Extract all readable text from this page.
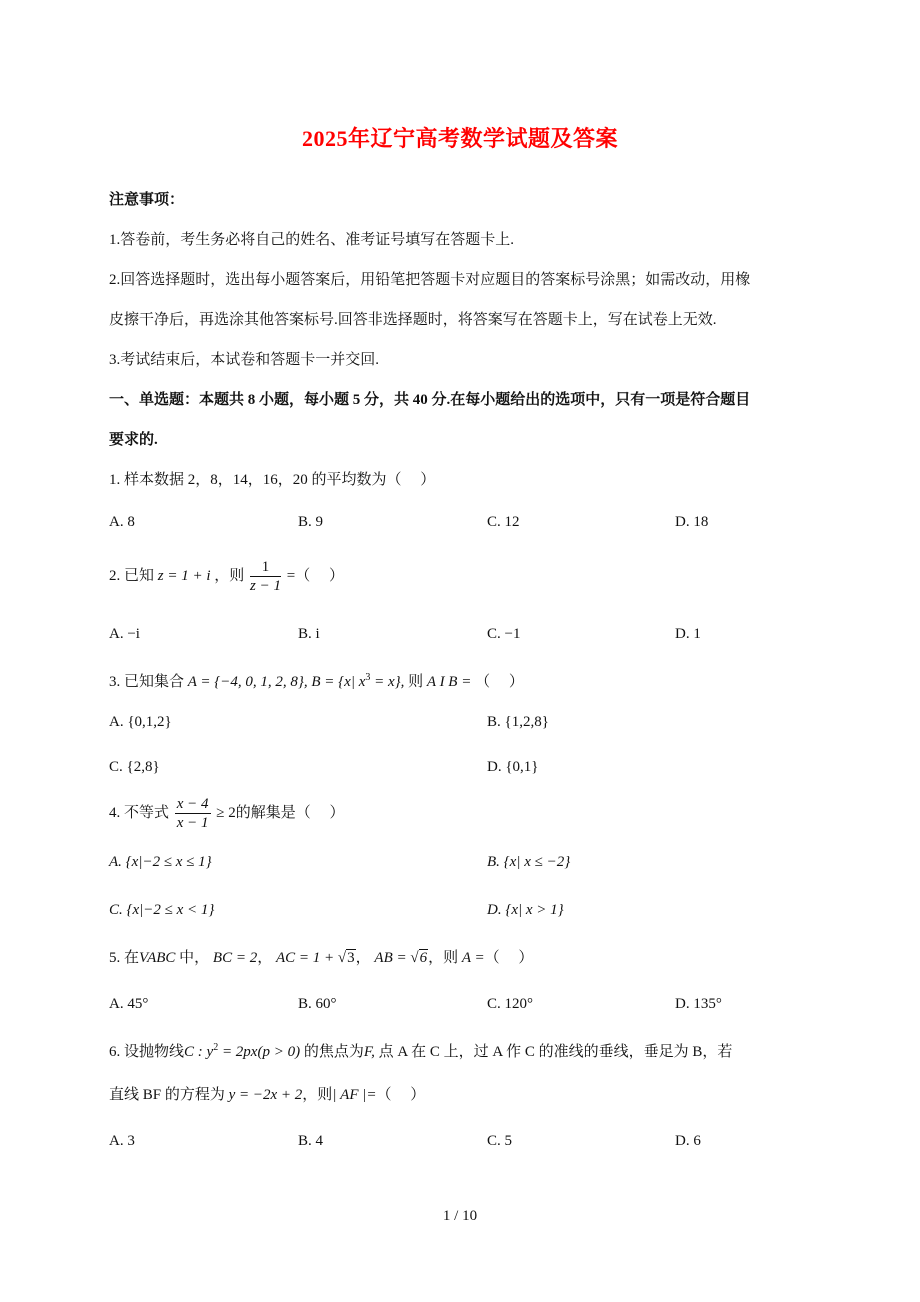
2025年辽宁高考数学试题及答案
注意事项：
1.答卷前，考生务必将自己的姓名、准考证号填写在答题卡上.
2.回答选择题时，选出每小题答案后，用铅笔把答题卡对应题目的答案标号涂黑；如需改动，用橡
皮擦干净后，再选涂其他答案标号.回答非选择题时，将答案写在答题卡上，写在试卷上无效.
3.考试结束后，本试卷和答题卡一并交回.
一、单选题：本题共 8 小题，每小题 5 分，共 40 分.在每小题给出的选项中，只有一项是符合题目
要求的.
1. 样本数据 2，8，14，16，20 的平均数为（　 ）
A. 8	B. 9	C. 12	D. 18
2. 已知 z = 1 + i ，则 $\frac{1}{z - 1}$ =（　 ）
A. −i	B. i	C. −1	D. 1
3. 已知集合 A = {−4, 0, 1, 2, 8}, B = {x| $x^3 = x$}, 则 A I B = （　 ）
A. {0,1,2}	B. {1,2,8}
C. {2,8}	D. {0,1}
4. 不等式 $\frac{x - 4}{x - 1} \ge 2$的解集是（　 ）
A. {x|−2 ≤ x ≤ 1}	B. {x| x ≤ −2}
C. {x|−2 ≤ x < 1}	D. {x| x > 1}
5. 在VABC 中， BC = 2， AC = 1 + √3， AB = √6，则 A =（　 ）
A. 45°	B. 60°	C. 120°	D. 135°
6. 设抛物线C : $y^2 = 2px(p > 0)$ 的焦点为F, 点 A 在 C 上，过 A 作 C 的准线的垂线，垂足为 B，若
直线 BF 的方程为 y = −2x + 2，则| AF |=（　 ）
A. 3	B. 4	C. 5	D. 6
1 / 10
